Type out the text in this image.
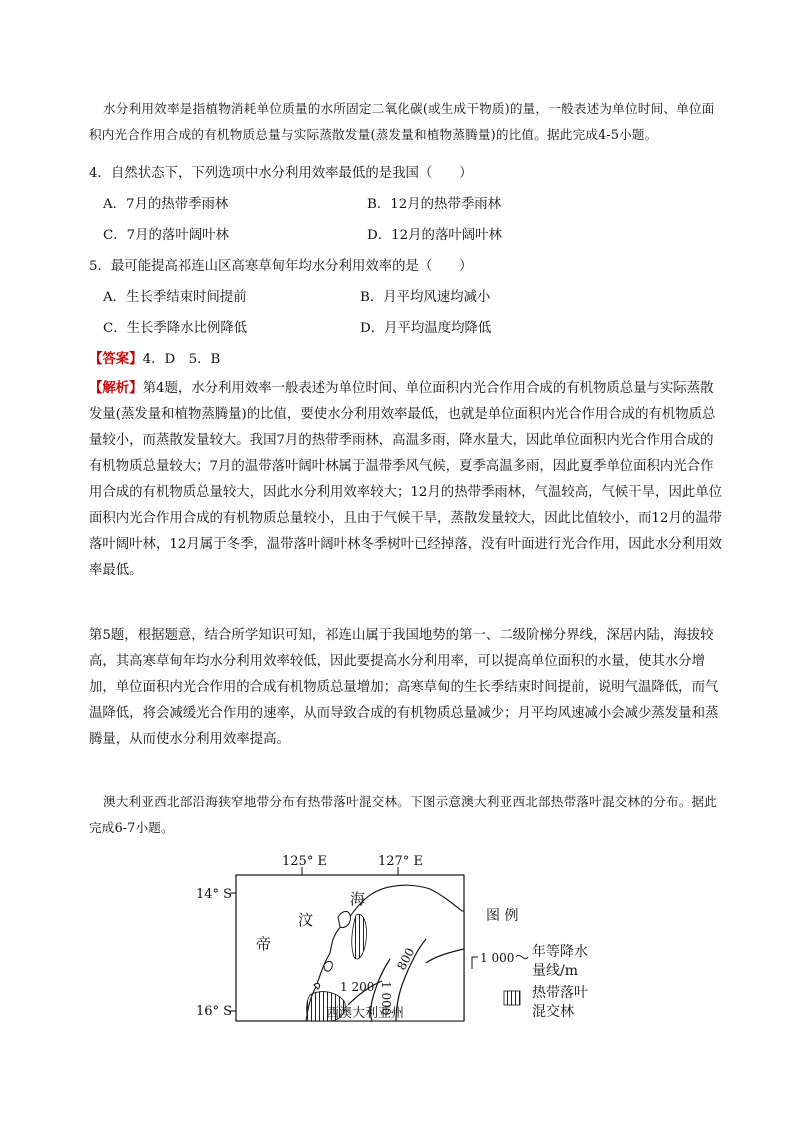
水分利用效率是指植物消耗单位质量的水所固定二氧化碳(或生成干物质)的量，一般表述为单位时间、单位面积内光合作用合成的有机物质总量与实际蒸散发量(蒸发量和植物蒸腾量)的比值。据此完成4-5小题。

4．自然状态下，下列选项中水分利用效率最低的是我国（　　）
A．7月的热带季雨林	B．12月的热带季雨林
C．7月的落叶阔叶林	D．12月的落叶阔叶林
5．最可能提高祁连山区高寒草甸年均水分利用效率的是（　　）
A．生长季结束时间提前	B．月平均风速均减小
C．生长季降水比例降低	D．月平均温度均降低
【答案】4．D　5．B

【解析】第4题，水分利用效率一般表述为单位时间、单位面积内光合作用合成的有机物质总量与实际蒸散发量(蒸发量和植物蒸腾量)的比值，要使水分利用效率最低，也就是单位面积内光合作用合成的有机物质总量较小，而蒸散发量较大。我国7月的热带季雨林，高温多雨，降水量大，因此单位面积内光合作用合成的有机物质总量较大；7月的温带落叶阔叶林属于温带季风气候，夏季高温多雨，因此夏季单位面积内光合作用合成的有机物质总量较大，因此水分利用效率较大；12月的热带季雨林，气温较高，气候干旱，因此单位面积内光合作用合成的有机物质总量较小，且由于气候干旱，蒸散发量较大，因此比值较小，而12月的温带落叶阔叶林，12月属于冬季，温带落叶阔叶林冬季树叶已经掉落，没有叶面进行光合作用，因此水分利用效率最低。

第5题，根据题意，结合所学知识可知，祁连山属于我国地势的第一、二级阶梯分界线，深居内陆，海拔较高，其高寒草甸年均水分利用效率较低，因此要提高水分利用率，可以提高单位面积的水量，使其水分增加，单位面积内光合作用的合成有机物质总量增加；高寒草甸的生长季结束时间提前，说明气温降低，而气温降低，将会减缓光合作用的速率，从而导致合成的有机物质总量减少；月平均风速减小会减少蒸发量和蒸腾量，从而使水分利用效率提高。

澳大利亚西北部沿海狭窄地带分布有热带落叶混交林。下图示意澳大利亚西北部热带落叶混交林的分布。据此完成6-7小题。

125° E	127° E
14° S
16° S
海
汶
帝
1 200 1 000
800
西澳大利亚州
图 例
1 000 年等降水
量线/m
热带落叶
混交林
